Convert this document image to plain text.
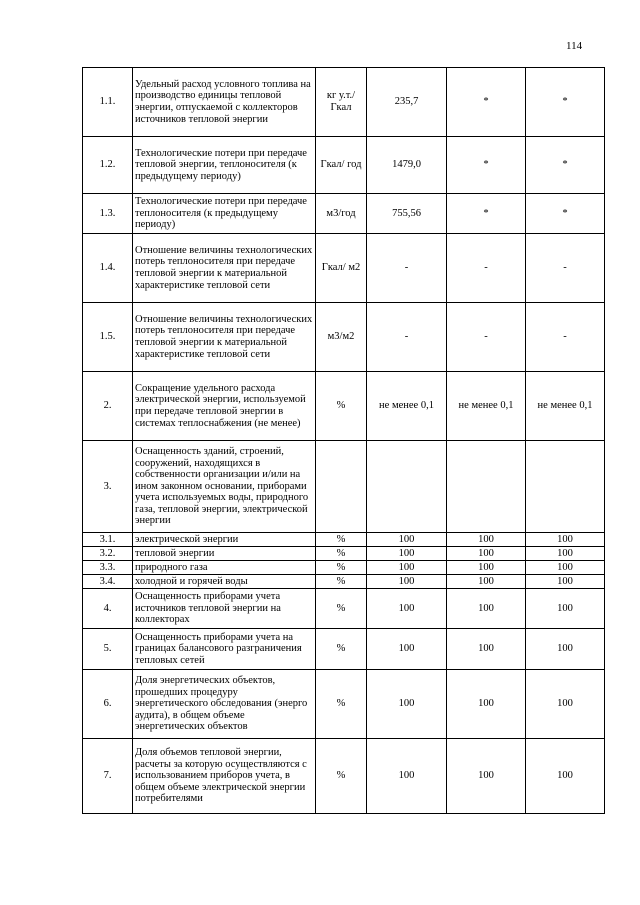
114
1.1.	Удельный расход условного топлива на производство единицы тепловой энергии, отпускаемой с коллекторов источников тепловой энергии	кг у.т./ Гкал	235,7	*	*
1.2.	Технологические потери при передаче тепловой энергии, теплоносителя (к предыдущему периоду)	Гкал/ год	1479,0	*	*
1.3.	Технологические потери при передаче теплоносителя (к предыдущему периоду)	м3/год	755,56	*	*
1.4.	Отношение величины технологических потерь теплоносителя при передаче тепловой энергии к материальной характеристике тепловой сети	Гкал/ м2	-	-	-
1.5.	Отношение величины технологических потерь теплоносителя при передаче тепловой энергии к материальной характеристике тепловой сети	м3/м2	-	-	-
2.	Сокращение удельного расхода электрической энергии, используемой при передаче тепловой энергии в системах теплоснабжения (не менее)	%	не менее 0,1	не менее 0,1	не менее 0,1
3.	Оснащенность зданий, строений, сооружений, находящихся в собственности организации и/или на ином законном основании, приборами учета используемых воды, природного газа, тепловой энергии, электрической энергии				
3.1.	электрической энергии	%	100	100	100
3.2.	тепловой энергии	%	100	100	100
3.3.	природного газа	%	100	100	100
3.4.	холодной и горячей воды	%	100	100	100
4.	Оснащенность приборами учета источников тепловой энергии на коллекторах	%	100	100	100
5.	Оснащенность приборами учета на границах балансового разграничения тепловых сетей	%	100	100	100
6.	Доля энергетических объектов, прошедших процедуру энергетического обследования (энерго аудита), в общем объеме энергетических объектов	%	100	100	100
7.	Доля объемов тепловой энергии, расчеты за которую осуществляются с использованием приборов учета, в общем объеме электрической энергии потребителями	%	100	100	100
